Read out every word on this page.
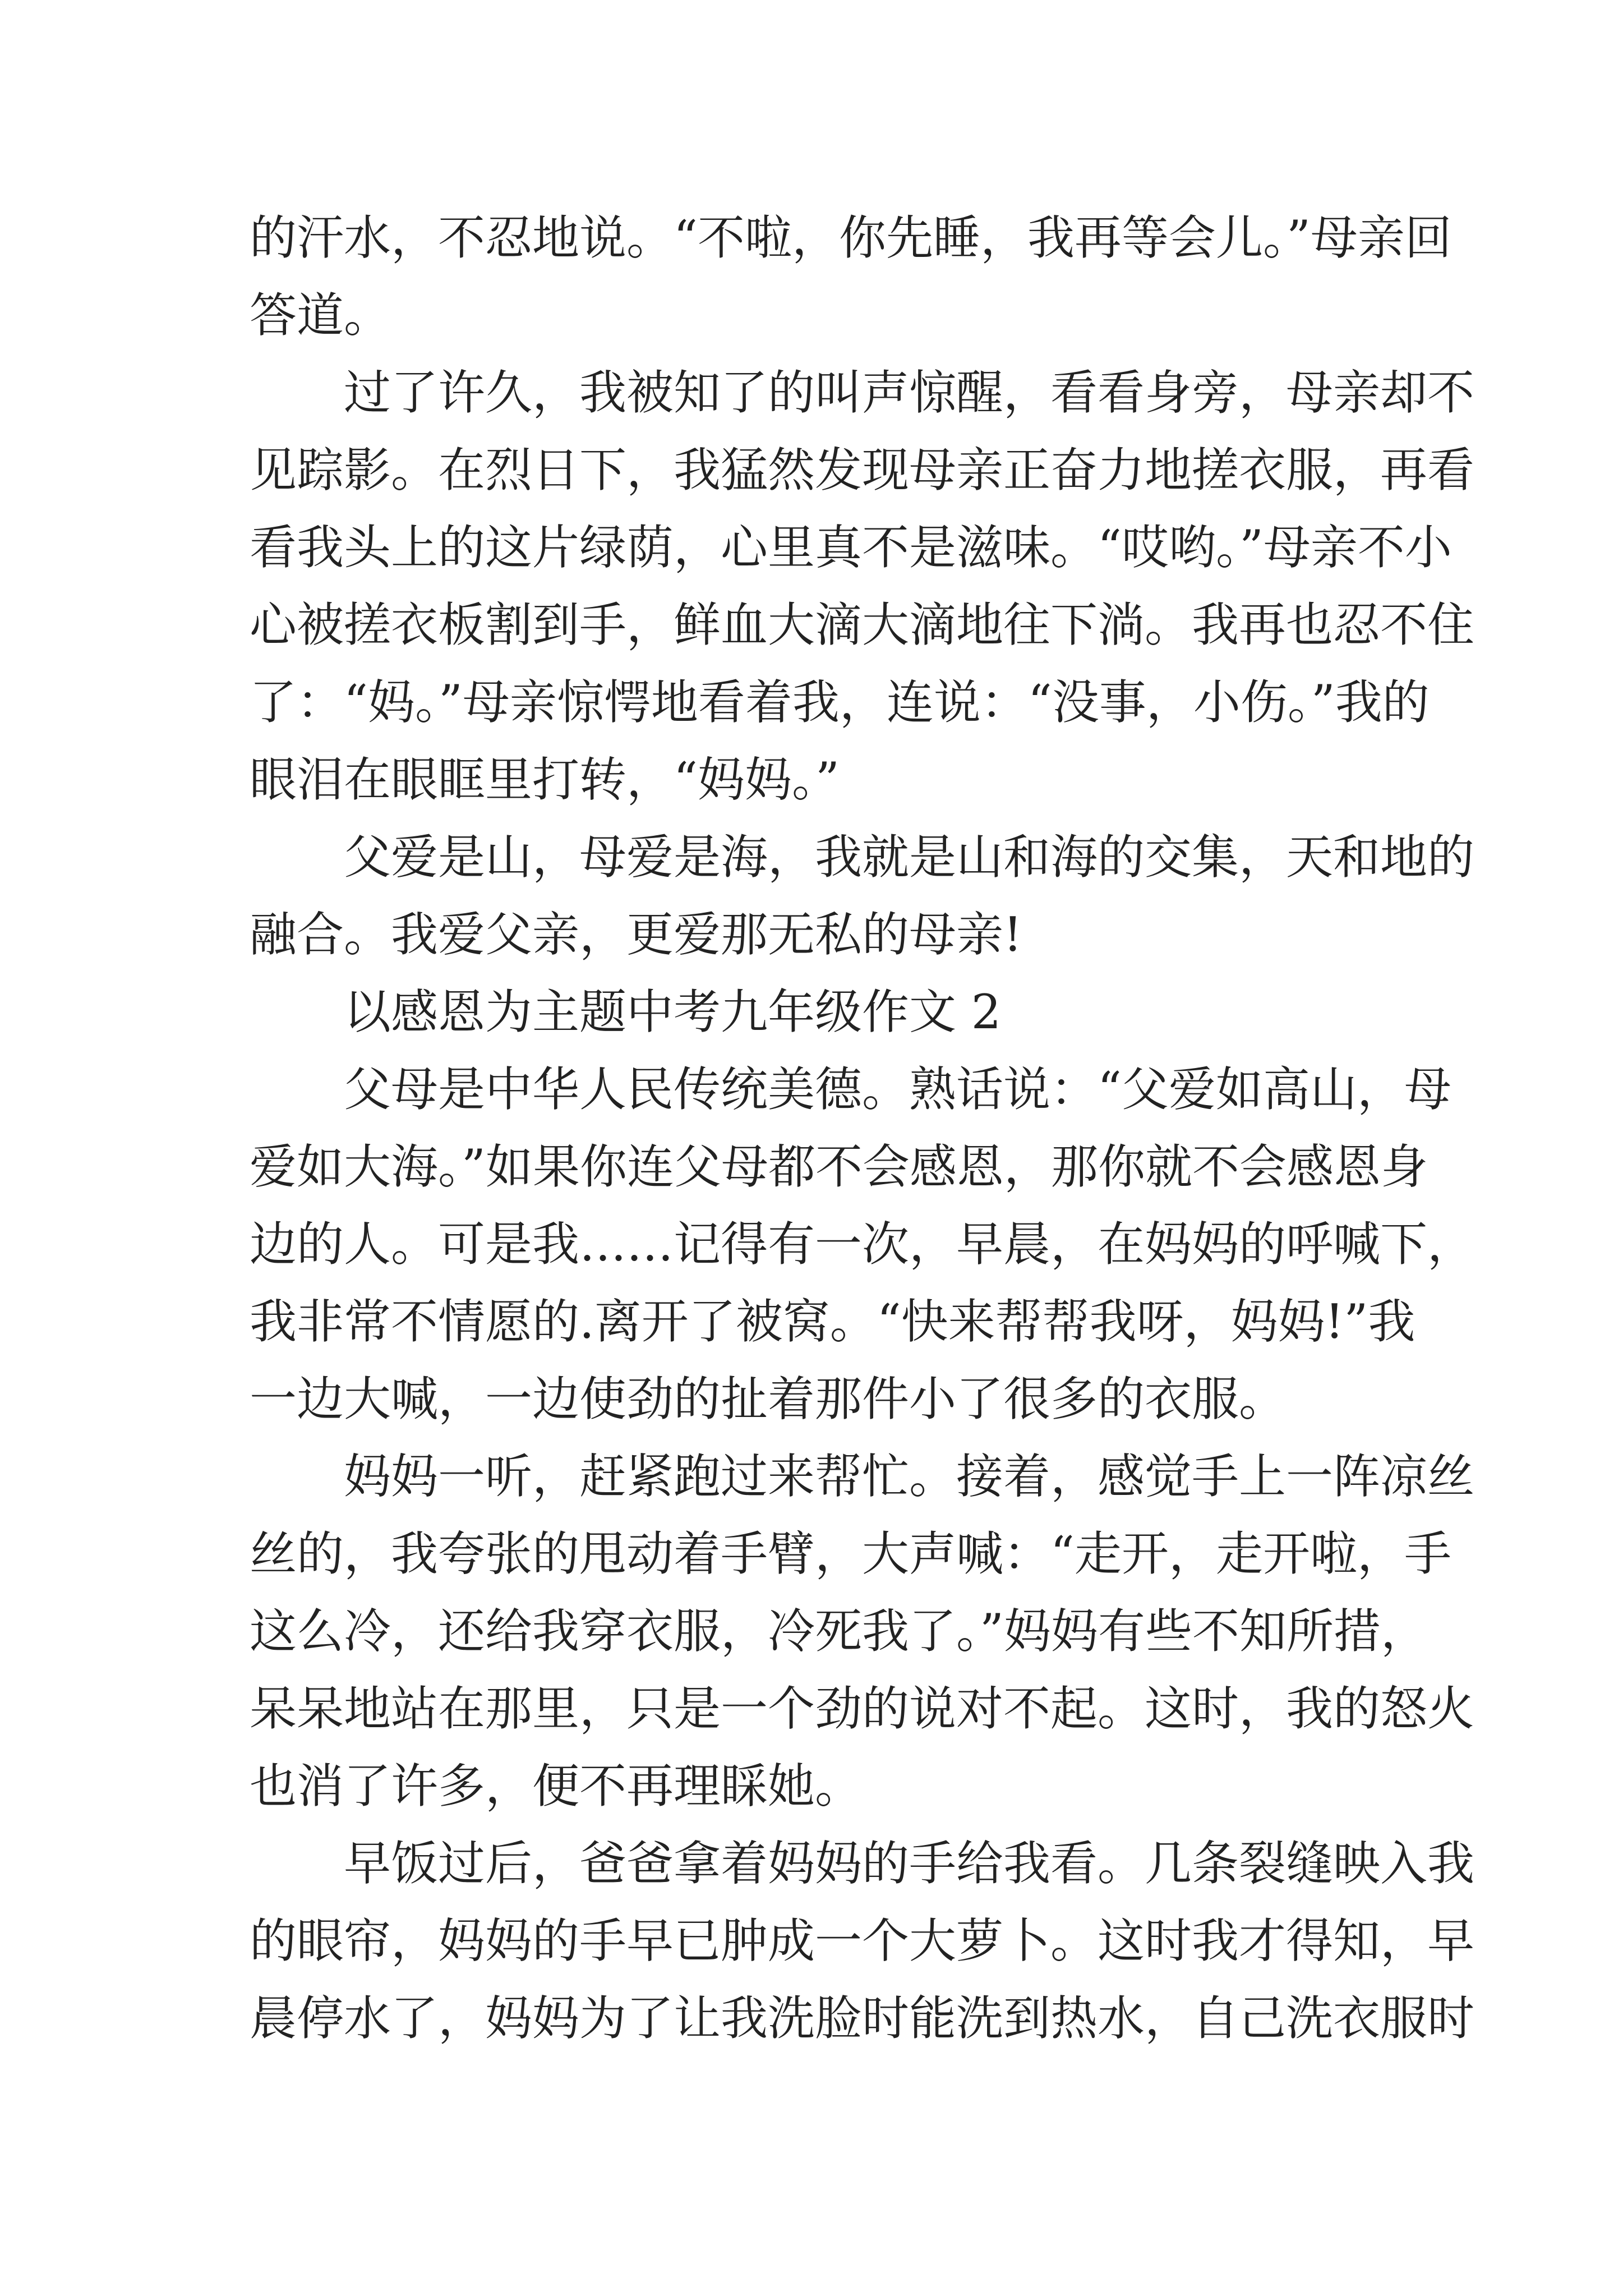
的汗水，不忍地说。“不啦，你先睡，我再等会儿。”母亲回
答道。

过了许久，我被知了的叫声惊醒，看看身旁，母亲却不
见踪影。在烈日下，我猛然发现母亲正奋力地搓衣服，再看
看我头上的这片绿荫，心里真不是滋味。“哎哟。”母亲不小
心被搓衣板割到手，鲜血大滴大滴地往下淌。我再也忍不住
了：“妈。”母亲惊愕地看着我，连说：“没事，小伤。”我的
眼泪在眼眶里打转，“妈妈。”

父爱是山，母爱是海，我就是山和海的交集，天和地的
融合。我爱父亲，更爱那无私的母亲!

以感恩为主题中考九年级作文 2

父母是中华人民传统美德。熟话说：“父爱如高山，母
爱如大海。”如果你连父母都不会感恩，那你就不会感恩身
边的人。可是我……记得有一次，早晨，在妈妈的呼喊下，
我非常不情愿的.离开了被窝。“快来帮帮我呀，妈妈!”我
一边大喊，一边使劲的扯着那件小了很多的衣服。

妈妈一听，赶紧跑过来帮忙。接着，感觉手上一阵凉丝
丝的，我夸张的甩动着手臂，大声喊：“走开，走开啦，手
这么冷，还给我穿衣服，冷死我了。”妈妈有些不知所措，
呆呆地站在那里，只是一个劲的说对不起。这时，我的怒火
也消了许多，便不再理睬她。

早饭过后，爸爸拿着妈妈的手给我看。几条裂缝映入我
的眼帘，妈妈的手早已肿成一个大萝卜。这时我才得知，早
晨停水了，妈妈为了让我洗脸时能洗到热水，自己洗衣服时
